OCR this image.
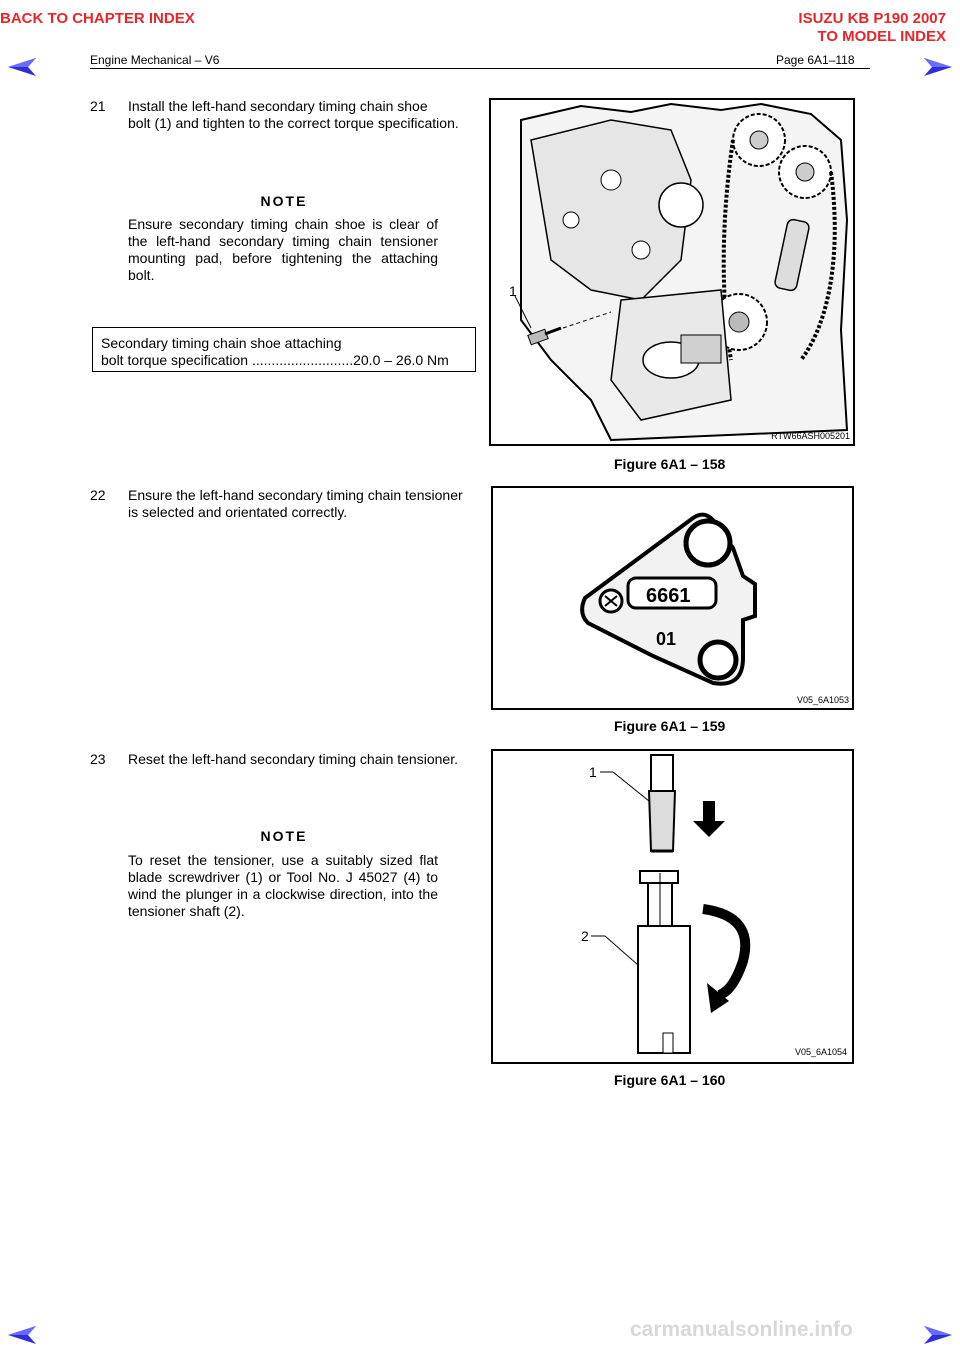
BACK TO CHAPTER INDEX	ISUZU KB P190 2007
TO MODEL INDEX
Engine Mechanical – V6	Page 6A1–118
21 Install the left-hand secondary timing chain shoe
bolt (1) and tighten to the correct torque specification.
NOTE
Ensure secondary timing chain shoe is clear of the left-hand secondary timing chain tensioner mounting pad, before tightening the attaching bolt.
Secondary timing chain shoe attaching
bolt torque specification ..........................20.0 – 26.0 Nm
1
RTW66ASH005201
Figure 6A1 – 158
22 Ensure the left-hand secondary timing chain tensioner
is selected and orientated correctly.
6661
01
V05_6A1053
Figure 6A1 – 159
23 Reset the left-hand secondary timing chain tensioner.
NOTE
To reset the tensioner, use a suitably sized flat blade screwdriver (1) or Tool No. J 45027 (4) to wind the plunger in a clockwise direction, into the tensioner shaft (2).
1
2
V05_6A1054
Figure 6A1 – 160
carmanualsonline.info
